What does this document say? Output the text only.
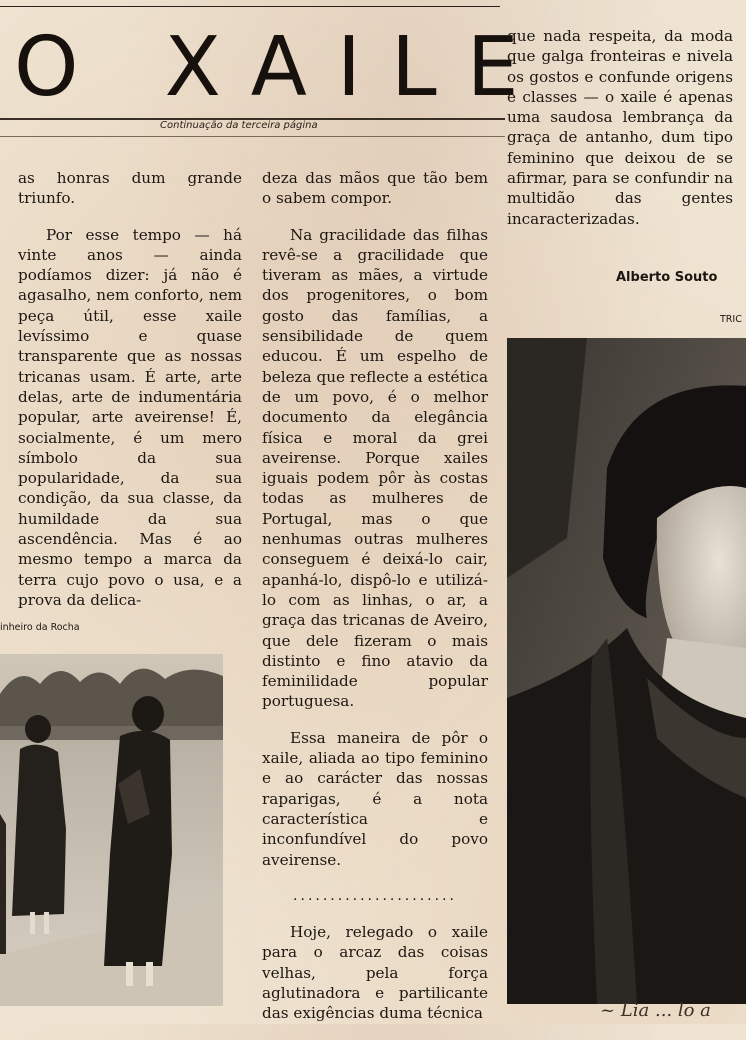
O XAILE
Continuação da terceira página

as honras dum grande triunfo.

Por esse tempo — há vinte anos — ainda podíamos dizer: já não é agasalho, nem conforto, nem peça útil, esse xaile levíssimo e quase transparente que as nossas tricanas usam. É arte, arte delas, arte de indumentária popular, arte aveirense! É, socialmente, é um mero símbolo da sua popularidade, da sua condição, da sua classe, da humildade da sua ascendência. Mas é ao mesmo tempo a marca da terra cujo povo o usa, e a prova da delica-

inheiro da Rocha

deza das mãos que tão bem o sabem compor.

Na gracilidade das filhas revê-se a gracilidade que tiveram as mães, a virtude dos progenitores, o bom gosto das famílias, a sensibilidade de quem educou. É um espelho de beleza que reflecte a estética de um povo, é o melhor documento da elegância física e moral da grei aveirense. Porque xailes iguais podem pôr às costas todas as mulheres de Portugal, mas o que nenhumas outras mulheres conseguem é deixá-lo cair, apanhá-lo, dispô-lo e utilizá-lo com as linhas, o ar, a graça das tricanas de Aveiro, que dele fizeram o mais distinto e fino atavio da feminilidade popular portuguesa.

Essa maneira de pôr o xaile, aliada ao tipo feminino e ao carácter das nossas raparigas, é a nota característica e inconfundível do povo aveirense.

......................

Hoje, relegado o xaile para o arcaz das coisas velhas, pela força aglutinadora e partilicante das exigências duma técnica

que nada respeita, da moda que galga fronteiras e nivela os gostos e confunde origens e classes — o xaile é apenas uma saudosa lembrança da graça de antanho, dum tipo feminino que deixou de se afirmar, para se confundir na multidão das gentes incaracterizadas.

Alberto Souto
TRIC
~ Lia ... lo a
